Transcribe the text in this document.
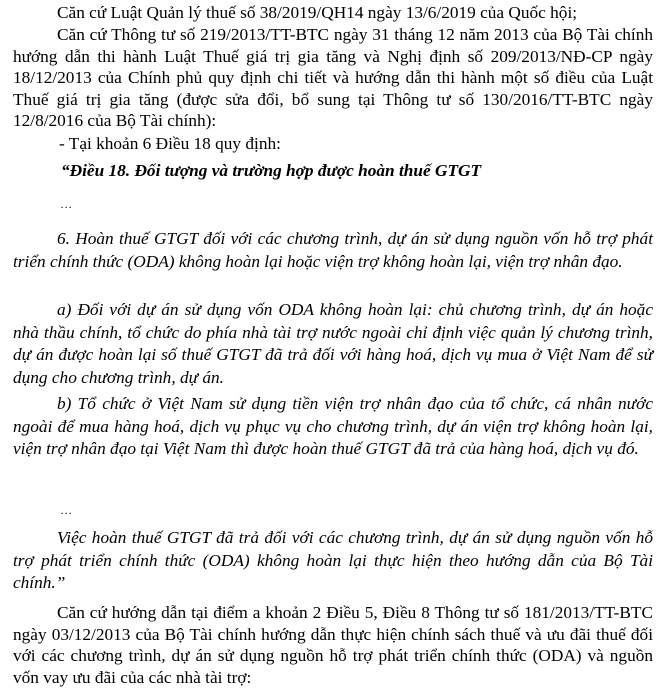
Căn cứ Luật Quản lý thuế số 38/2019/QH14 ngày 13/6/2019 của Quốc hội;

Căn cứ Thông tư số 219/2013/TT-BTC ngày 31 tháng 12 năm 2013 của Bộ Tài chính hướng dẫn thi hành Luật Thuế giá trị gia tăng và Nghị định số 209/2013/NĐ-CP ngày 18/12/2013 của Chính phủ quy định chi tiết và hướng dẫn thi hành một số điều của Luật Thuế giá trị gia tăng (được sửa đổi, bổ sung tại Thông tư số 130/2016/TT-BTC ngày 12/8/2016 của Bộ Tài chính):

- Tại khoản 6 Điều 18 quy định:

“Điều 18. Đối tượng và trường hợp được hoàn thuế GTGT

…

6. Hoàn thuế GTGT đối với các chương trình, dự án sử dụng nguồn vốn hỗ trợ phát triển chính thức (ODA) không hoàn lại hoặc viện trợ không hoàn lại, viện trợ nhân đạo.

a) Đối với dự án sử dụng vốn ODA không hoàn lại: chủ chương trình, dự án hoặc nhà thầu chính, tổ chức do phía nhà tài trợ nước ngoài chỉ định việc quản lý chương trình, dự án được hoàn lại số thuế GTGT đã trả đối với hàng hoá, dịch vụ mua ở Việt Nam để sử dụng cho chương trình, dự án.

b) Tổ chức ở Việt Nam sử dụng tiền viện trợ nhân đạo của tổ chức, cá nhân nước ngoài để mua hàng hoá, dịch vụ phục vụ cho chương trình, dự án viện trợ không hoàn lại, viện trợ nhân đạo tại Việt Nam thì được hoàn thuế GTGT đã trả của hàng hoá, dịch vụ đó.

…

Việc hoàn thuế GTGT đã trả đối với các chương trình, dự án sử dụng nguồn vốn hỗ trợ phát triển chính thức (ODA) không hoàn lại thực hiện theo hướng dẫn của Bộ Tài chính.”

Căn cứ hướng dẫn tại điểm a khoản 2 Điều 5, Điều 8 Thông tư số 181/2013/TT-BTC ngày 03/12/2013 của Bộ Tài chính hướng dẫn thực hiện chính sách thuế và ưu đãi thuế đối với các chương trình, dự án sử dụng nguồn hỗ trợ phát triển chính thức (ODA) và nguồn vốn vay ưu đãi của các nhà tài trợ:
